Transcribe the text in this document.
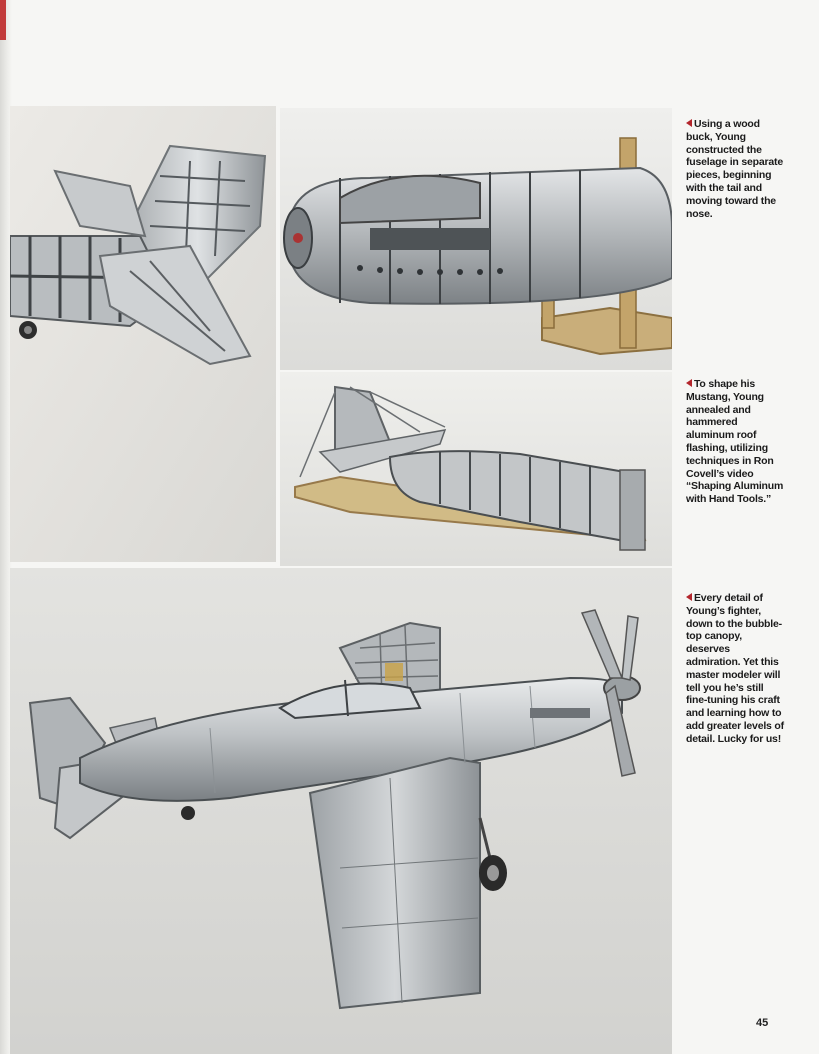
Using a wood buck, Young constructed the fuselage in separate pieces, beginning with the tail and moving toward the nose.
To shape his Mustang, Young annealed and hammered aluminum roof flashing, utilizing techniques in Ron Covell’s video “Shaping Aluminum with Hand Tools.”
Every detail of Young’s fighter, down to the bubble-top canopy, deserves admiration. Yet this master modeler will tell you he’s still fine-tuning his craft and learning how to add greater levels of detail. Lucky for us!
45
